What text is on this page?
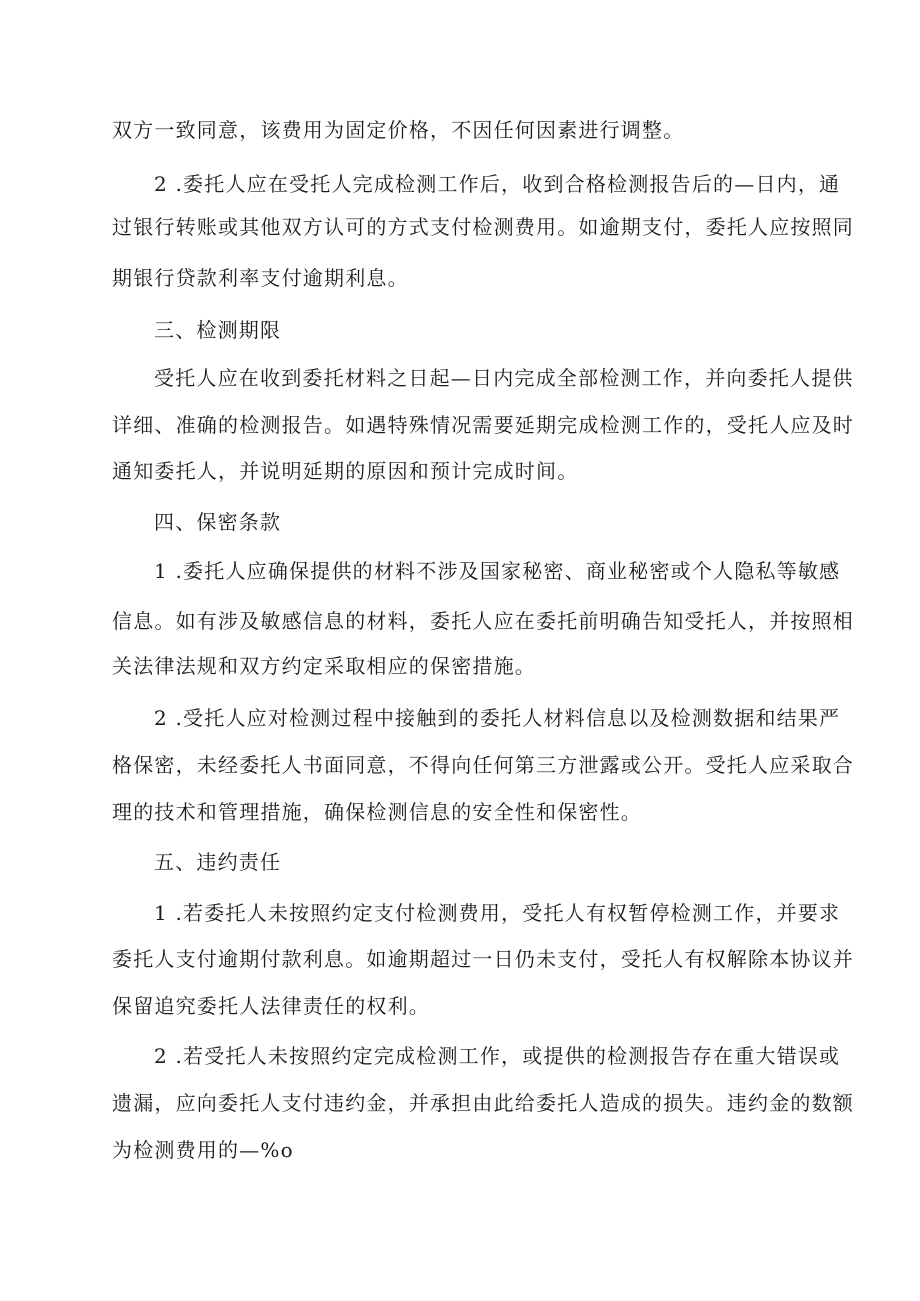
双方一致同意，该费用为固定价格，不因任何因素进行调整。
2 .委托人应在受托人完成检测工作后，收到合格检测报告后的—日内，通
过银行转账或其他双方认可的方式支付检测费用。如逾期支付，委托人应按照同
期银行贷款利率支付逾期利息。
三、检测期限
受托人应在收到委托材料之日起—日内完成全部检测工作，并向委托人提供
详细、准确的检测报告。如遇特殊情况需要延期完成检测工作的，受托人应及时
通知委托人，并说明延期的原因和预计完成时间。
四、保密条款
1 .委托人应确保提供的材料不涉及国家秘密、商业秘密或个人隐私等敏感
信息。如有涉及敏感信息的材料，委托人应在委托前明确告知受托人，并按照相
关法律法规和双方约定采取相应的保密措施。
2 .受托人应对检测过程中接触到的委托人材料信息以及检测数据和结果严
格保密，未经委托人书面同意，不得向任何第三方泄露或公开。受托人应采取合
理的技术和管理措施，确保检测信息的安全性和保密性。
五、违约责任
1 .若委托人未按照约定支付检测费用，受托人有权暂停检测工作，并要求
委托人支付逾期付款利息。如逾期超过一日仍未支付，受托人有权解除本协议并
保留追究委托人法律责任的权利。
2 .若受托人未按照约定完成检测工作，或提供的检测报告存在重大错误或
遗漏，应向委托人支付违约金，并承担由此给委托人造成的损失。违约金的数额
为检测费用的—%o
